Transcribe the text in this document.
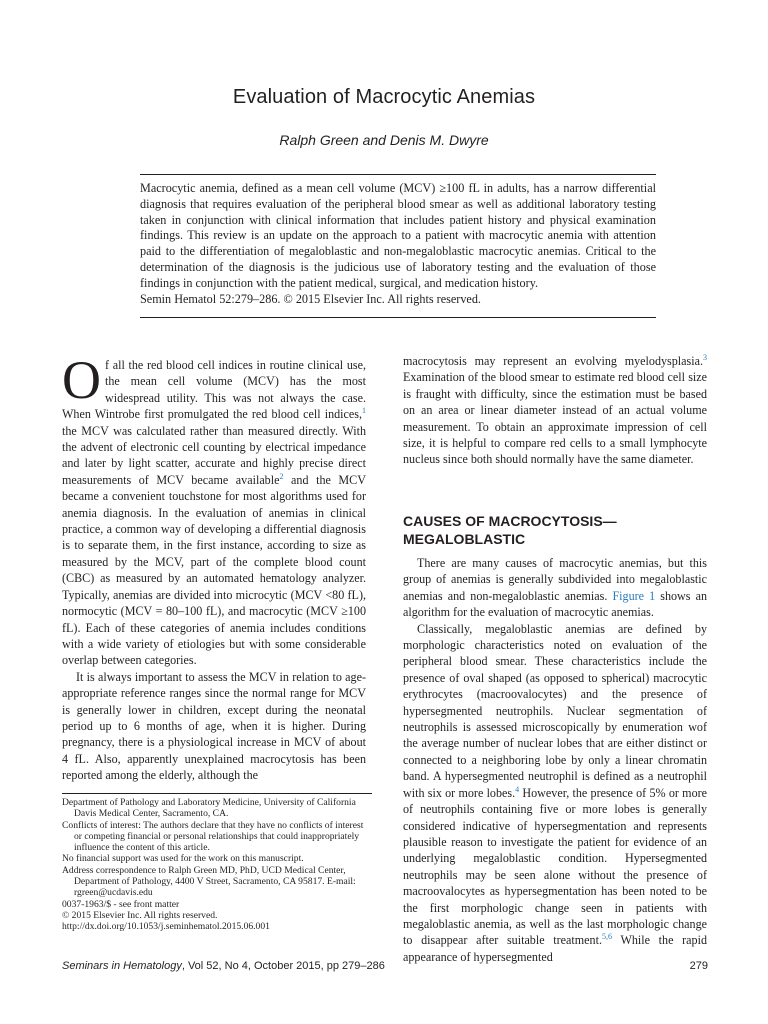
Evaluation of Macrocytic Anemias
Ralph Green and Denis M. Dwyre
Macrocytic anemia, defined as a mean cell volume (MCV) ≥100 fL in adults, has a narrow differential diagnosis that requires evaluation of the peripheral blood smear as well as additional laboratory testing taken in conjunction with clinical information that includes patient history and physical examination findings. This review is an update on the approach to a patient with macrocytic anemia with attention paid to the differentiation of megaloblastic and non-megaloblastic macrocytic anemias. Critical to the determination of the diagnosis is the judicious use of laboratory testing and the evaluation of those findings in conjunction with the patient medical, surgical, and medication history.
Semin Hematol 52:279–286. © 2015 Elsevier Inc. All rights reserved.

Of all the red blood cell indices in routine clinical use, the mean cell volume (MCV) has the most widespread utility. This was not always the case. When Wintrobe first promulgated the red blood cell indices,$^1$ the MCV was calculated rather than measured directly. With the advent of electronic cell counting by electrical impedance and later by light scatter, accurate and highly precise direct measurements of MCV became available$^2$ and the MCV became a convenient touchstone for most algorithms used for anemia diagnosis. In the evaluation of anemias in clinical practice, a common way of developing a differential diagnosis is to separate them, in the first instance, according to size as measured by the MCV, part of the complete blood count (CBC) as measured by an automated hematology analyzer. Typically, anemias are divided into microcytic (MCV <80 fL), normocytic (MCV = 80–100 fL), and macrocytic (MCV ≥100 fL). Each of these categories of anemia includes conditions with a wide variety of etiologies but with some considerable overlap between categories.

It is always important to assess the MCV in relation to age-appropriate reference ranges since the normal range for MCV is generally lower in children, except during the neonatal period up to 6 months of age, when it is higher. During pregnancy, there is a physiological increase in MCV of about 4 fL. Also, apparently unexplained macrocytosis has been reported among the elderly, although the

Department of Pathology and Laboratory Medicine, University of California Davis Medical Center, Sacramento, CA.
Conflicts of interest: The authors declare that they have no conflicts of interest or competing financial or personal relationships that could inappropriately influence the content of this article.
No financial support was used for the work on this manuscript.
Address correspondence to Ralph Green MD, PhD, UCD Medical Center, Department of Pathology, 4400 V Street, Sacramento, CA 95817. E-mail: rgreen@ucdavis.edu
0037-1963/$ - see front matter
© 2015 Elsevier Inc. All rights reserved.
http://dx.doi.org/10.1053/j.seminhematol.2015.06.001

macrocytosis may represent an evolving myelodysplasia.$^3$ Examination of the blood smear to estimate red blood cell size is fraught with difficulty, since the estimation must be based on an area or linear diameter instead of an actual volume measurement. To obtain an approximate impression of cell size, it is helpful to compare red cells to a small lymphocyte nucleus since both should normally have the same diameter.

CAUSES OF MACROCYTOSIS—MEGALOBLASTIC

There are many causes of macrocytic anemias, but this group of anemias is generally subdivided into megaloblastic anemias and non-megaloblastic anemias. Figure 1 shows an algorithm for the evaluation of macrocytic anemias.

Classically, megaloblastic anemias are defined by morphologic characteristics noted on evaluation of the peripheral blood smear. These characteristics include the presence of oval shaped (as opposed to spherical) macrocytic erythrocytes (macroovalocytes) and the presence of hypersegmented neutrophils. Nuclear segmentation of neutrophils is assessed microscopically by enumeration wof the average number of nuclear lobes that are either distinct or connected to a neighboring lobe by only a linear chromatin band. A hypersegmented neutrophil is defined as a neutrophil with six or more lobes.$^4$ However, the presence of 5% or more of neutrophils containing five or more lobes is generally considered indicative of hypersegmentation and represents plausible reason to investigate the patient for evidence of an underlying megaloblastic condition. Hypersegmented neutrophils may be seen alone without the presence of macroovalocytes as hypersegmentation has been noted to be the first morphologic change seen in patients with megaloblastic anemia, as well as the last morphologic change to disappear after suitable treatment.$^{5,6}$ While the rapid appearance of hypersegmented

Seminars in Hematology, Vol 52, No 4, October 2015, pp 279–286	279
